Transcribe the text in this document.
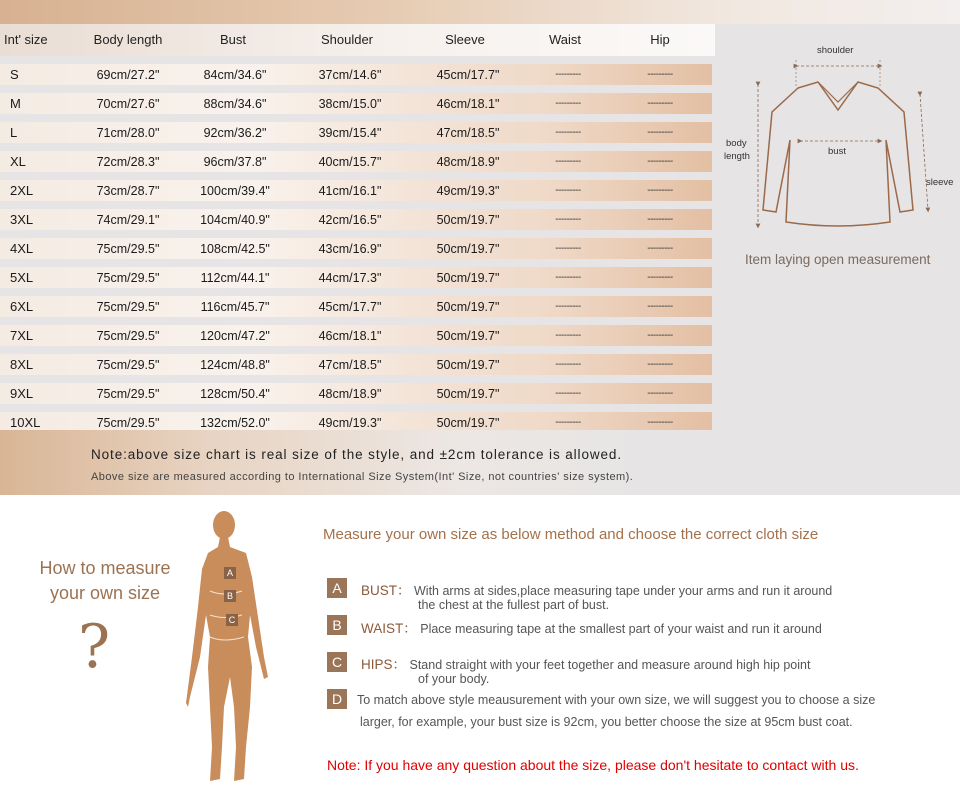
Int' size	Body length	Bust	Shoulder	Sleeve	Waist	Hip
S	69cm/27.2"	84cm/34.6"	37cm/14.6"	45cm/17.7"	---------	---------
M	70cm/27.6"	88cm/34.6"	38cm/15.0"	46cm/18.1"	---------	---------
L	71cm/28.0"	92cm/36.2"	39cm/15.4"	47cm/18.5"	---------	---------
XL	72cm/28.3"	96cm/37.8"	40cm/15.7"	48cm/18.9"	---------	---------
2XL	73cm/28.7"	100cm/39.4"	41cm/16.1"	49cm/19.3"	---------	---------
3XL	74cm/29.1"	104cm/40.9"	42cm/16.5"	50cm/19.7"	---------	---------
4XL	75cm/29.5"	108cm/42.5"	43cm/16.9"	50cm/19.7"	---------	---------
5XL	75cm/29.5"	112cm/44.1"	44cm/17.3"	50cm/19.7"	---------	---------
6XL	75cm/29.5"	116cm/45.7"	45cm/17.7"	50cm/19.7"	---------	---------
7XL	75cm/29.5"	120cm/47.2"	46cm/18.1"	50cm/19.7"	---------	---------
8XL	75cm/29.5"	124cm/48.8"	47cm/18.5"	50cm/19.7"	---------	---------
9XL	75cm/29.5"	128cm/50.4"	48cm/18.9"	50cm/19.7"	---------	---------
10XL	75cm/29.5"	132cm/52.0"	49cm/19.3"	50cm/19.7"	---------	---------
Note:above size chart is real size of the style, and ±2cm tolerance is allowed.
Above size are measured according to International Size System(Int' Size, not countries' size system).
shoulder
body
length	bust
sleeve
Item laying open measurement
How to measure
your own size
?
A
B
C
Measure your own size as below method and choose the correct cloth size
A	BUST： With arms at sides,place measuring tape under your arms and run it around
the chest at the fullest part of bust.
B	WAIST： Place measuring tape at the smallest part of your waist and run it around
C	HIPS： Stand straight with your feet together and measure around high hip point
of your body.
D	To match above style meausurement with your own size, we will suggest you to choose a size
larger, for example, your bust size is 92cm, you better choose the size at 95cm bust coat.
Note: If you have any question about the size, please don't hesitate to contact with us.
